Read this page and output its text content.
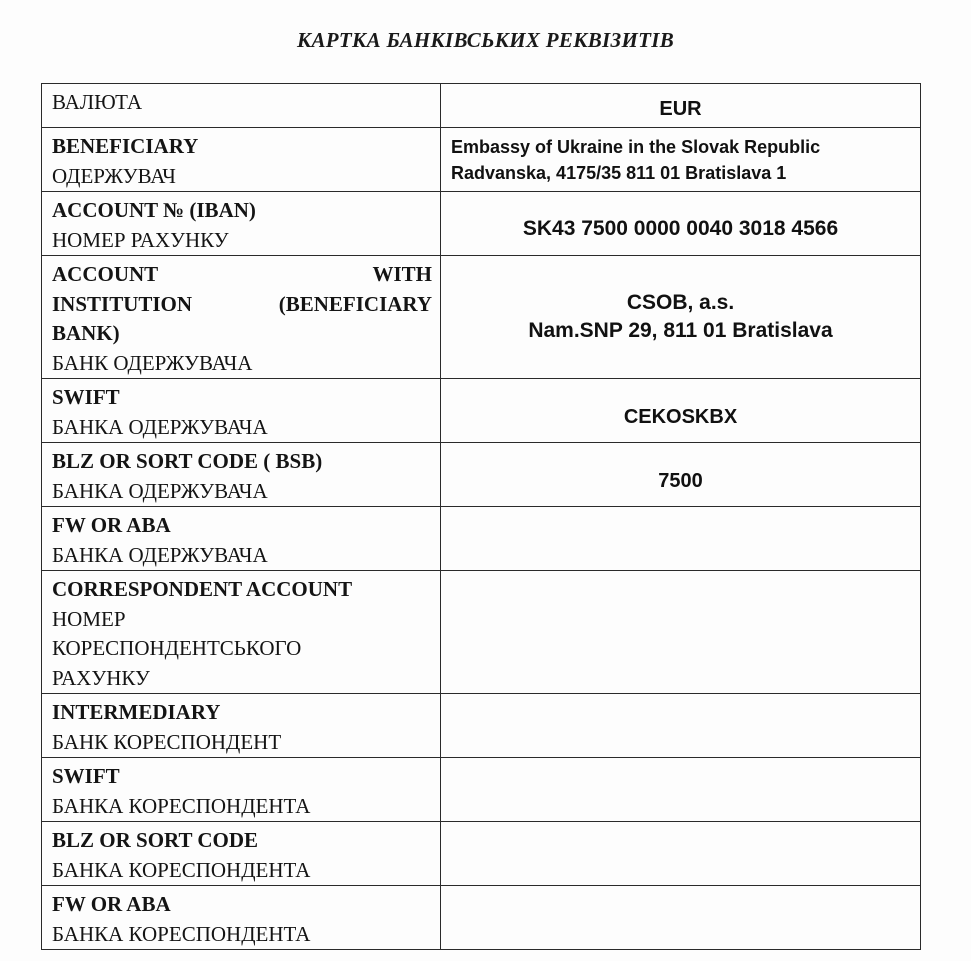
КАРТКА БАНКІВСЬКИХ РЕКВІЗИТІВ
ВАЛЮТА	EUR

BENEFICIARY
ОДЕРЖУВАЧ	Embassy of Ukraine in the Slovak Republic
Radvanska, 4175/35 811 01 Bratislava 1

ACCOUNT № (IBAN)
НОМЕР РАХУНКУ	SK43 7500 0000 0040 3018 4566

ACCOUNT WITH
INSTITUTION (BENEFICIARY
BANK)
БАНК ОДЕРЖУВАЧА	CSOB, a.s.
Nam.SNP 29, 811 01 Bratislava

SWIFT
БАНКА ОДЕРЖУВАЧА	CEKOSKBX

BLZ OR SORT CODE ( BSB)
БАНКА ОДЕРЖУВАЧА	7500

FW OR ABA
БАНКА ОДЕРЖУВАЧА	

CORRESPONDENT ACCOUNT
НОМЕР
КОРЕСПОНДЕНТСЬКОГО
РАХУНКУ	

INTERMEDIARY
БАНК КОРЕСПОНДЕНТ	

SWIFT
БАНКА КОРЕСПОНДЕНТА	

BLZ OR SORT CODE
БАНКА КОРЕСПОНДЕНТА	

FW OR ABA
БАНКА КОРЕСПОНДЕНТА	
